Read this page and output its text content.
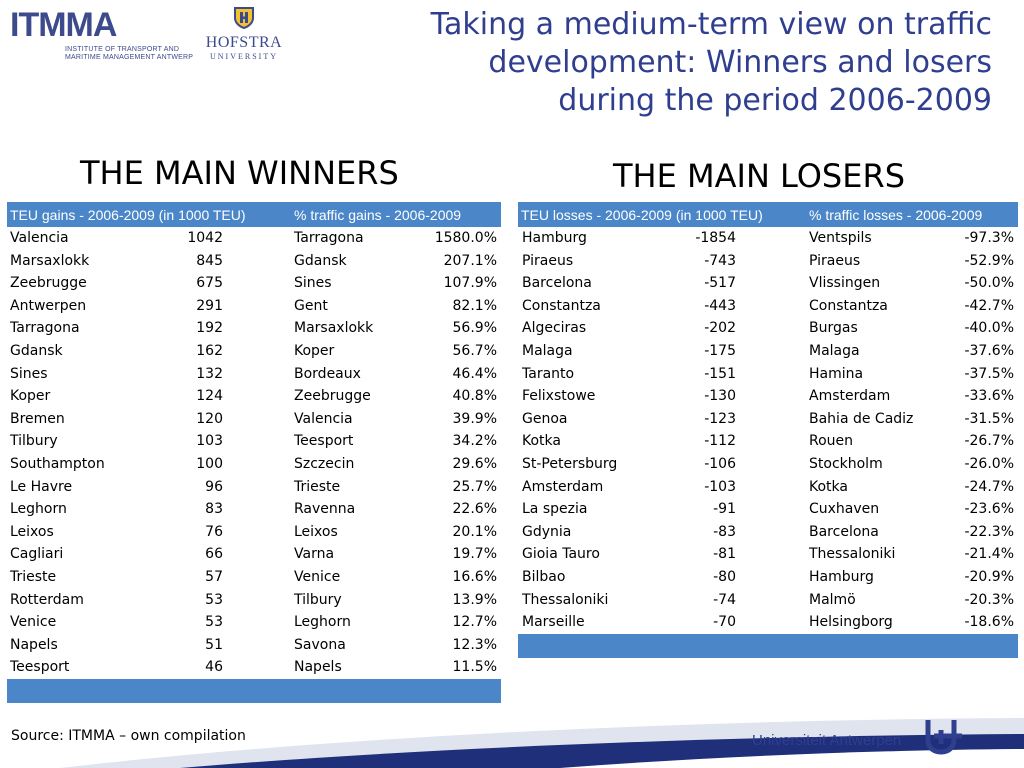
ITMMA
INSTITUTE OF TRANSPORT AND
MARITIME MANAGEMENT ANTWERP
HOFSTRA
UNIVERSITY
Taking a medium-term view on traffic
development: Winners and losers
during the period 2006-2009
THE MAIN WINNERS	THE MAIN LOSERS
TEU gains - 2006-2009 (in 1000 TEU)	% traffic gains - 2006-2009
Valencia	1042	Tarragona	1580.0%
Marsaxlokk	845	Gdansk	207.1%
Zeebrugge	675	Sines	107.9%
Antwerpen	291	Gent	82.1%
Tarragona	192	Marsaxlokk	56.9%
Gdansk	162	Koper	56.7%
Sines	132	Bordeaux	46.4%
Koper	124	Zeebrugge	40.8%
Bremen	120	Valencia	39.9%
Tilbury	103	Teesport	34.2%
Southampton	100	Szczecin	29.6%
Le Havre	96	Trieste	25.7%
Leghorn	83	Ravenna	22.6%
Leixos	76	Leixos	20.1%
Cagliari	66	Varna	19.7%
Trieste	57	Venice	16.6%
Rotterdam	53	Tilbury	13.9%
Venice	53	Leghorn	12.7%
Napels	51	Savona	12.3%
Teesport	46	Napels	11.5%
TEU losses - 2006-2009 (in 1000 TEU)	% traffic losses - 2006-2009
Hamburg	-1854	Ventspils	-97.3%
Piraeus	-743	Piraeus	-52.9%
Barcelona	-517	Vlissingen	-50.0%
Constantza	-443	Constantza	-42.7%
Algeciras	-202	Burgas	-40.0%
Malaga	-175	Malaga	-37.6%
Taranto	-151	Hamina	-37.5%
Felixstowe	-130	Amsterdam	-33.6%
Genoa	-123	Bahia de Cadiz	-31.5%
Kotka	-112	Rouen	-26.7%
St-Petersburg	-106	Stockholm	-26.0%
Amsterdam	-103	Kotka	-24.7%
La spezia	-91	Cuxhaven	-23.6%
Gdynia	-83	Barcelona	-22.3%
Gioia Tauro	-81	Thessaloniki	-21.4%
Bilbao	-80	Hamburg	-20.9%
Thessaloniki	-74	Malmö	-20.3%
Marseille	-70	Helsingborg	-18.6%
Source: ITMMA – own compilation	Universiteit Antwerpen
